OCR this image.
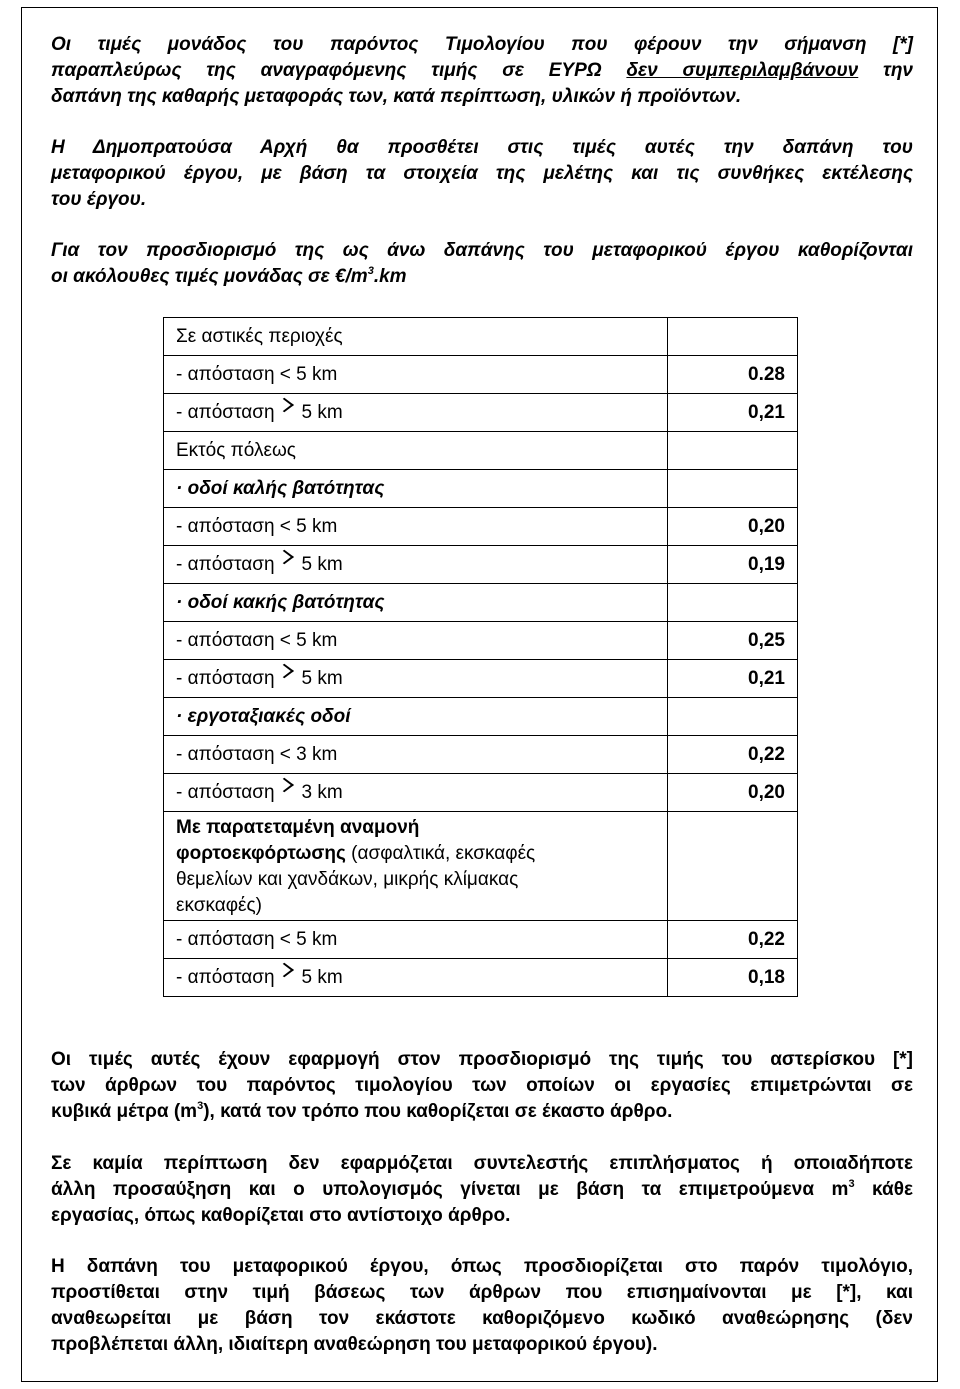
Οι τιμές μονάδος του παρόντος Τιμολογίου που φέρουν την σήμανση [*]
παραπλεύρως της αναγραφόμενης τιμής σε ΕΥΡΩ δεν συμπεριλαμβάνουν την
δαπάνη της καθαρής μεταφοράς των, κατά περίπτωση, υλικών ή προϊόντων.

Η Δημοπρατούσα Αρχή θα προσθέτει στις τιμές αυτές την δαπάνη του
μεταφορικού έργου, με βάση τα στοιχεία της μελέτης και τις συνθήκες εκτέλεσης
του έργου.

Για τον προσδιορισμό της ως άνω δαπάνης του μεταφορικού έργου καθορίζονται
οι ακόλουθες τιμές μονάδας σε $€/m^3.km$

Σε αστικές περιοχές	
- απόσταση < 5 km	0.28
- απόσταση 5 km	0,21
Εκτός πόλεως	
· οδοί καλής βατότητας	
- απόσταση < 5 km	0,20
- απόσταση 5 km	0,19
· οδοί κακής βατότητας	
- απόσταση < 5 km	0,25
- απόσταση 5 km	0,21
· εργοταξιακές οδοί	
- απόσταση < 3 km	0,22
- απόσταση 3 km	0,20
Με παρατεταμένη αναμονή
φορτοεκφόρτωσης (ασφαλτικά, εκσκαφές
θεμελίων και χανδάκων, μικρής κλίμακας
εκσκαφές)	
- απόσταση < 5 km	0,22
- απόσταση 5 km	0,18

Οι τιμές αυτές έχουν εφαρμογή στον προσδιορισμό της τιμής του αστερίσκου [*]
των άρθρων του παρόντος τιμολογίου των οποίων οι εργασίες επιμετρώνται σε
κυβικά μέτρα $(m^3)$, κατά τον τρόπο που καθορίζεται σε έκαστο άρθρο.

Σε καμία περίπτωση δεν εφαρμόζεται συντελεστής επιπλήσματος ή οποιαδήποτε
άλλη προσαύξηση και ο υπολογισμός γίνεται με βάση τα επιμετρούμενα $m^3$ κάθε
εργασίας, όπως καθορίζεται στο αντίστοιχο άρθρο.

Η δαπάνη του μεταφορικού έργου, όπως προσδιορίζεται στο παρόν τιμολόγιο,
προστίθεται στην τιμή βάσεως των άρθρων που επισημαίνονται με [*], και
αναθεωρείται με βάση τον εκάστοτε καθοριζόμενο κωδικό αναθεώρησης (δεν
προβλέπεται άλλη, ιδιαίτερη αναθεώρηση του μεταφορικού έργου).
